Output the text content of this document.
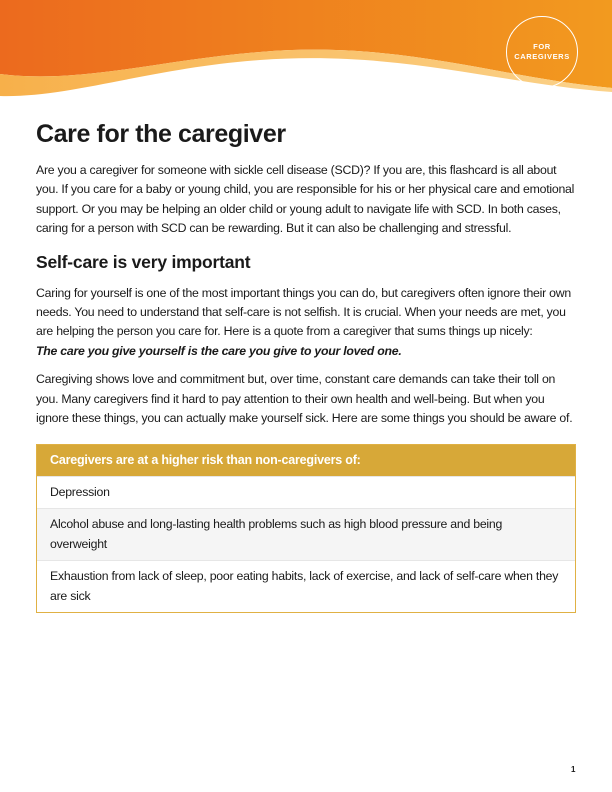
FOR
CAREGIVERS
Care for the caregiver

Are you a caregiver for someone with sickle cell disease (SCD)? If you are, this flashcard is all about you. If you care for a baby or young child, you are responsible for his or her physical care and emotional support. Or you may be helping an older child or young adult to navigate life with SCD. In both cases, caring for a person with SCD can be rewarding. But it can also be challenging and stressful.

Self-care is very important

Caring for yourself is one of the most important things you can do, but caregivers often ignore their own needs. You need to understand that self-care is not selfish. It is crucial. When your needs are met, you are helping the person you care for. Here is a quote from a caregiver that sums things up nicely:
The care you give yourself is the care you give to your loved one.

Caregiving shows love and commitment but, over time, constant care demands can take their toll on you. Many caregivers find it hard to pay attention to their own health and well-being. But when you ignore these things, you can actually make yourself sick. Here are some things you should be aware of.

Caregivers are at a higher risk than non-caregivers of:
Depression
Alcohol abuse and long-lasting health problems such as high blood pressure and being overweight
Exhaustion from lack of sleep, poor eating habits, lack of exercise, and lack of self-care when they are sick
1
